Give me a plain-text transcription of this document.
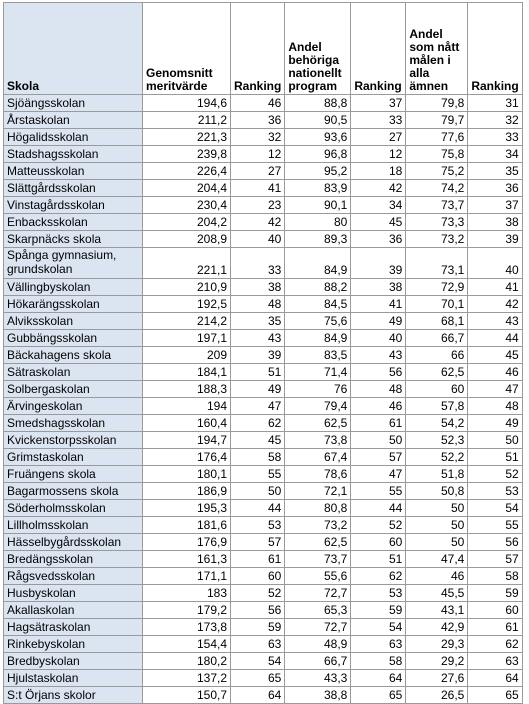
Skola	Genomsnitt meritvärde	Ranking	Andel behöriga nationellt program	Ranking	Andel som nått målen i alla ämnen	Ranking
Sjöängsskolan	194,6	46	88,8	37	79,8	31
Årstaskolan	211,2	36	90,5	33	79,7	32
Högalidsskolan	221,3	32	93,6	27	77,6	33
Stadshagsskolan	239,8	12	96,8	12	75,8	34
Matteusskolan	226,4	27	95,2	18	75,2	35
Slättgårdsskolan	204,4	41	83,9	42	74,2	36
Vinstagårdsskolan	230,4	23	90,1	34	73,7	37
Enbacksskolan	204,2	42	80	45	73,3	38
Skarpnäcks skola	208,9	40	89,3	36	73,2	39
Spånga gymnasium, grundskolan	221,1	33	84,9	39	73,1	40
Vällingbyskolan	210,9	38	88,2	38	72,9	41
Hökarängsskolan	192,5	48	84,5	41	70,1	42
Alviksskolan	214,2	35	75,6	49	68,1	43
Gubbängsskolan	197,1	43	84,9	40	66,7	44
Bäckahagens skola	209	39	83,5	43	66	45
Sätraskolan	184,1	51	71,4	56	62,5	46
Solbergaskolan	188,3	49	76	48	60	47
Ärvingeskolan	194	47	79,4	46	57,8	48
Smedshagsskolan	160,4	62	62,5	61	54,2	49
Kvickenstorpsskolan	194,7	45	73,8	50	52,3	50
Grimstaskolan	176,4	58	67,4	57	52,2	51
Fruängens skola	180,1	55	78,6	47	51,8	52
Bagarmossens skola	186,9	50	72,1	55	50,8	53
Söderholmsskolan	195,3	44	80,8	44	50	54
Lillholmsskolan	181,6	53	73,2	52	50	55
Hässelbygårdsskolan	176,9	57	62,5	60	50	56
Bredängsskolan	161,3	61	73,7	51	47,4	57
Rågsvedsskolan	171,1	60	55,6	62	46	58
Husbyskolan	183	52	72,7	53	45,5	59
Akallaskolan	179,2	56	65,3	59	43,1	60
Hagsätraskolan	173,8	59	72,7	54	42,9	61
Rinkebyskolan	154,4	63	48,9	63	29,3	62
Bredbyskolan	180,2	54	66,7	58	29,2	63
Hjulstaskolan	137,2	65	43,3	64	27,6	64
S:t Örjans skolor	150,7	64	38,8	65	26,5	65
